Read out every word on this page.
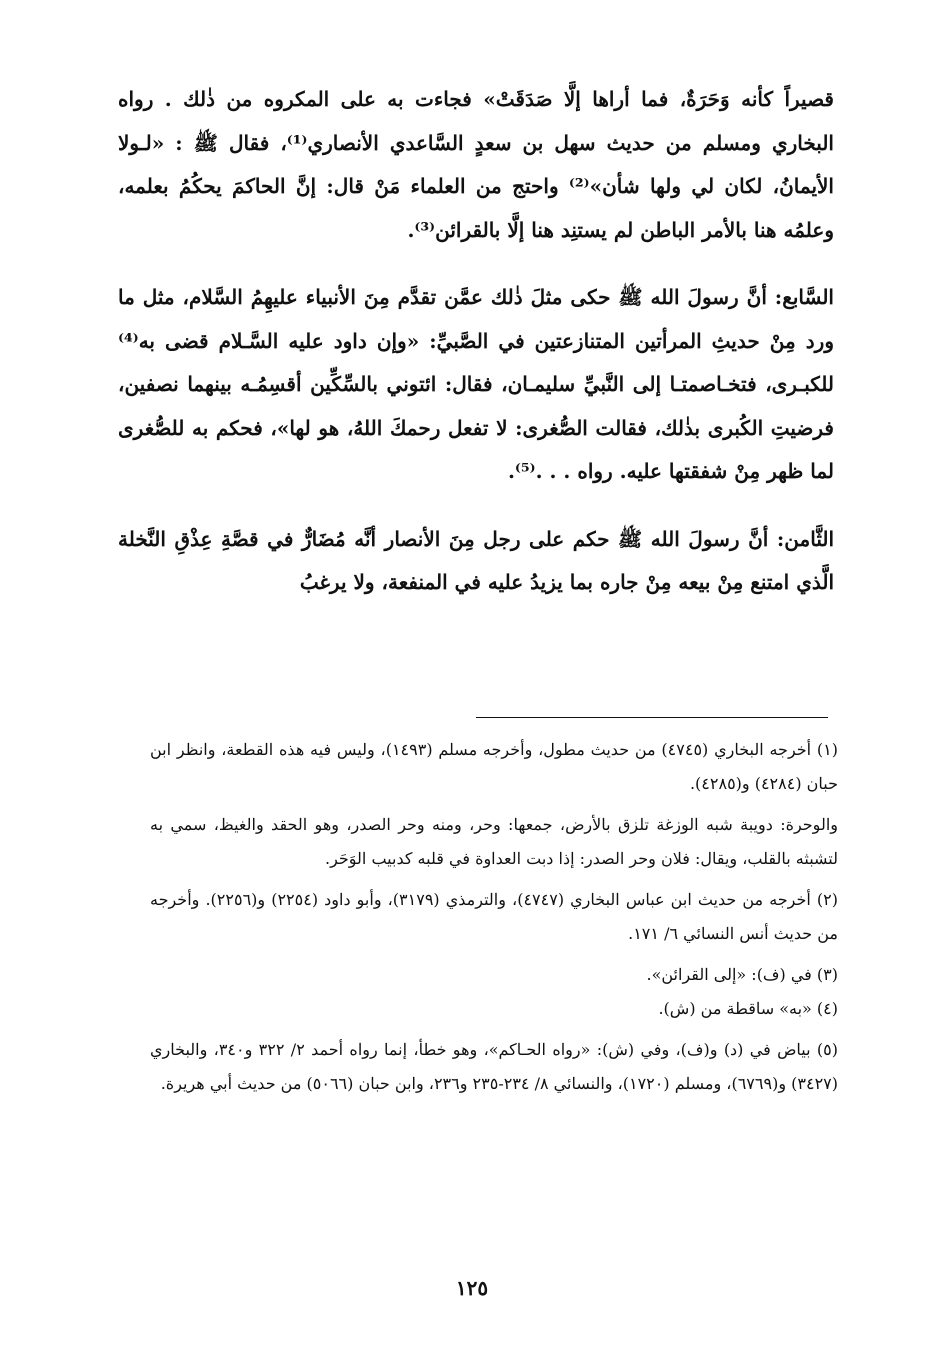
قصيراً كأنه وَحَرَةٌ، فما أراها إلَّا صَدَقَتْ» فجاءت به على المكروه من ذٰلك . رواه البخاري ومسلم من حديث سهل بن سعدٍ السَّاعدي الأنصاري⁽¹⁾، فقال ﷺ : «لـولا الأيمانُ، لكان لي ولها شأن»⁽²⁾ واحتج من العلماء مَنْ قال: إنَّ الحاكمَ يحكُمُ بعلمه، وعلمُه هنا بالأمر الباطن لم يستنِد هنا إلَّا بالقرائن⁽³⁾.

السَّابع: أنَّ رسولَ الله ﷺ حكى مثلَ ذٰلك عمَّن تقدَّم مِنَ الأنبياء عليهِمُ السَّلام، مثل ما ورد مِنْ حديثِ المرأتين المتنازعتين في الصَّبيِّ: «وإن داود عليه السَّـلام قضى به⁽⁴⁾ للكبـرى، فتخـاصمتـا إلى النَّبيِّ سليمـان، فقال: ائتوني بالسِّكِّين أقسِمُـه بينهما نصفين، فرضيتِ الكُبرى بذٰلك، فقالت الصُّغرى: لا تفعل رحمكَ اللهُ، هو لها»، فحكم به للصُّغرى لما ظهر مِنْ شفقتها عليه. رواه . . .⁽⁵⁾.

الثَّامن: أنَّ رسولَ الله ﷺ حكم على رجل مِنَ الأنصار أنَّه مُضَارٌّ في قصَّةِ عِذْقِ النَّخلة الَّذي امتنع مِنْ بيعه مِنْ جاره بما يزيدُ عليه في المنفعة، ولا يرغبُ

(١) أخرجه البخاري (٤٧٤٥) من حديث مطول، وأخرجه مسلم (١٤٩٣)، وليس فيه هذه القطعة، وانظر ابن حبان (٤٢٨٤) و(٤٢٨٥).

والوحرة: دويبة شبه الوزغة تلزق بالأرض، جمعها: وحر، ومنه وحر الصدر، وهو الحقد والغيظ، سمي به لتشبثه بالقلب، ويقال: فلان وحر الصدر: إذا دبت العداوة في قلبه كدبيب الوَحَر.

(٢) أخرجه من حديث ابن عباس البخاري (٤٧٤٧)، والترمذي (٣١٧٩)، وأبو داود (٢٢٥٤) و(٢٢٥٦). وأخرجه من حديث أنس النسائي ٦/ ١٧١.

(٣) في (ف): «إلى القرائن».

(٤) «به» ساقطة من (ش).

(٥) بياض في (د) و(ف)، وفي (ش): «رواه الحـاكم»، وهو خطأ، إنما رواه أحمد ٢/ ٣٢٢ و٣٤٠، والبخاري (٣٤٢٧) و(٦٧٦٩)، ومسلم (١٧٢٠)، والنسائي ٨/ ٢٣٤-٢٣٥ و٢٣٦، وابن حبان (٥٠٦٦) من حديث أبي هريرة.

١٢٥
